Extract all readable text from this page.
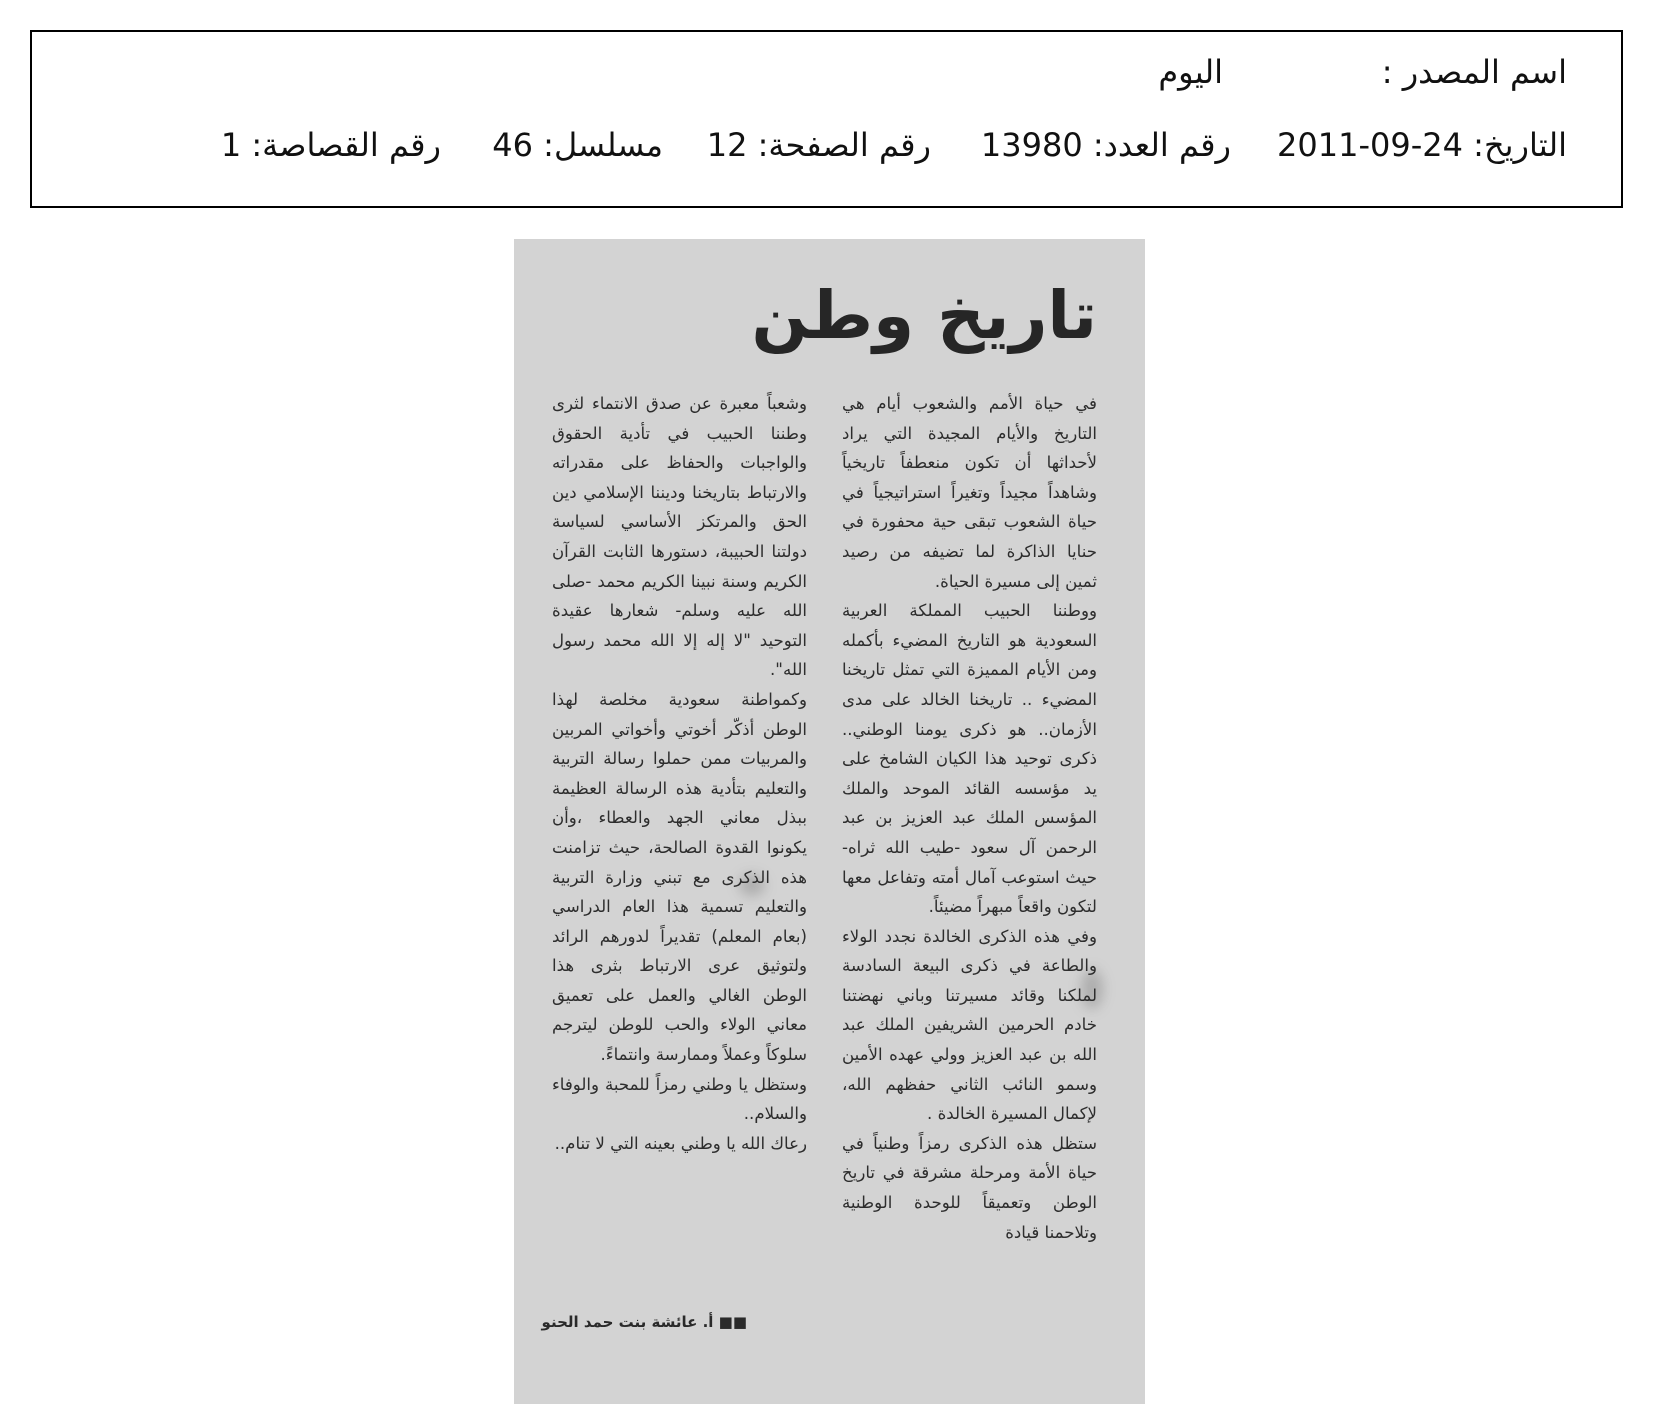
اسم المصدر :
اليوم
التاريخ: 24-09-2011
رقم العدد: 13980
رقم الصفحة: 12
مسلسل: 46
رقم القصاصة: 1
تاريخ وطن

في حياة الأمم والشعوب أيام هي التاريخ والأيام المجيدة التي يراد لأحداثها أن تكون منعطفاً تاريخياً وشاهداً مجيداً وتغيراً استراتيجياً في حياة الشعوب تبقى حية محفورة في حنايا الذاكرة لما تضيفه من رصيد ثمين إلى مسيرة الحياة.

ووطننا الحبيب المملكة العربية السعودية هو التاريخ المضيء بأكمله ومن الأيام المميزة التي تمثل تاريخنا المضيء .. تاريخنا الخالد على مدى الأزمان.. هو ذكرى يومنا الوطني.. ذكرى توحيد هذا الكيان الشامخ على يد مؤسسه القائد الموحد والملك المؤسس الملك عبد العزيز بن عبد الرحمن آل سعود -طيب الله ثراه- حيث استوعب آمال أمته وتفاعل معها لتكون واقعاً مبهراً مضيئاً.

وفي هذه الذكرى الخالدة نجدد الولاء والطاعة في ذكرى البيعة السادسة لملكنا وقائد مسيرتنا وباني نهضتنا خادم الحرمين الشريفين الملك عبد الله بن عبد العزيز وولي عهده الأمين وسمو النائب الثاني حفظهم الله، لإكمال المسيرة الخالدة .

ستظل هذه الذكرى رمزاً وطنياً في حياة الأمة ومرحلة مشرقة في تاريخ الوطن وتعميقاً للوحدة الوطنية وتلاحمنا قيادة

وشعباً معبرة عن صدق الانتماء لثرى وطننا الحبيب في تأدية الحقوق والواجبات والحفاظ على مقدراته والارتباط بتاريخنا وديننا الإسلامي دين الحق والمرتكز الأساسي لسياسة دولتنا الحبيبة، دستورها الثابت القرآن الكريم وسنة نبينا الكريم محمد -صلى الله عليه وسلم- شعارها عقيدة التوحيد "لا إله إلا الله محمد رسول الله".

وكمواطنة سعودية مخلصة لهذا الوطن أذكّر أخوتي وأخواتي المربين والمربيات ممن حملوا رسالة التربية والتعليم بتأدية هذه الرسالة العظيمة ببذل معاني الجهد والعطاء ،وأن يكونوا القدوة الصالحة، حيث تزامنت هذه الذكرى مع تبني وزارة التربية والتعليم تسمية هذا العام الدراسي (بعام المعلم) تقديراً لدورهم الرائد ولتوثيق عرى الارتباط بثرى هذا الوطن الغالي والعمل على تعميق معاني الولاء والحب للوطن ليترجم سلوكاً وعملاً وممارسة وانتماءً.

وستظل يا وطني رمزاً للمحبة والوفاء والسلام..

رعاك الله يا وطني بعينه التي لا تنام..

■■ أ. عائشة بنت حمد الحنو
